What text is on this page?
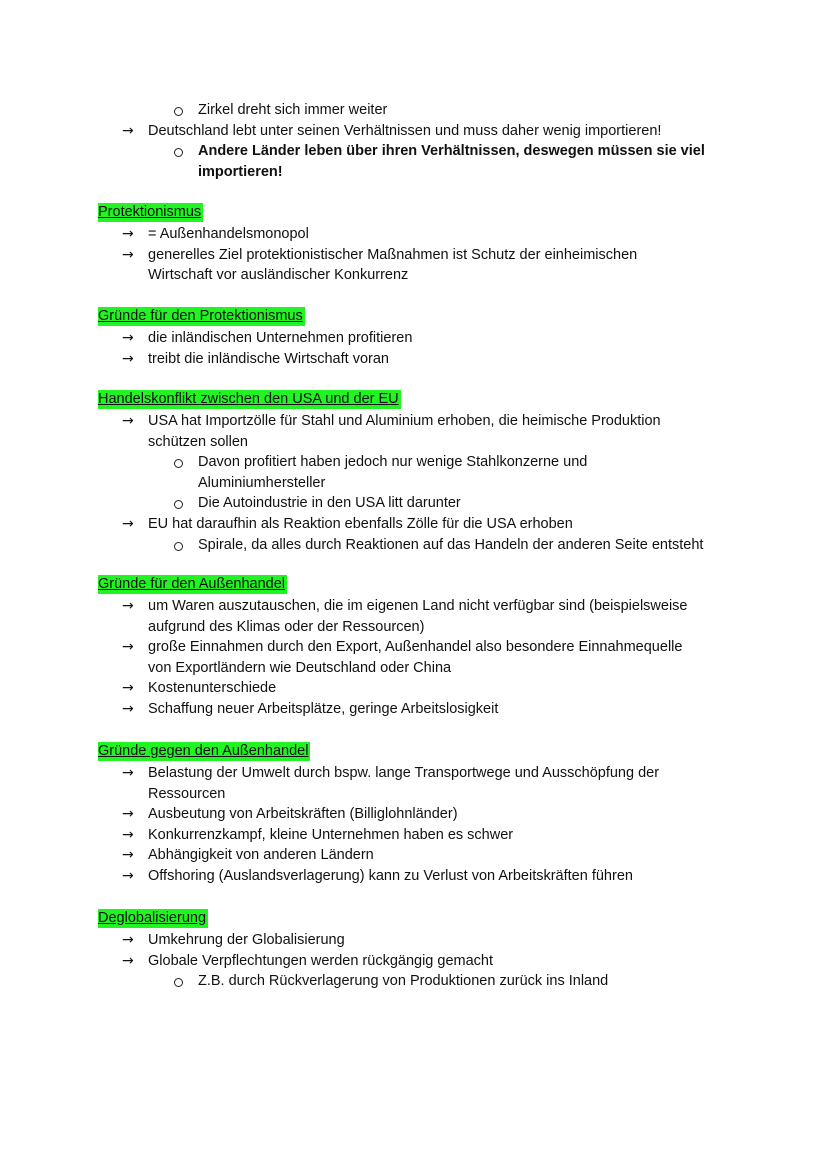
Zirkel dreht sich immer weiter
→ Deutschland lebt unter seinen Verhältnissen und muss daher wenig importieren!
Andere Länder leben über ihren Verhältnissen, deswegen müssen sie viel
importieren!
Protektionismus
→ = Außenhandelsmonopol
→ generelles Ziel protektionistischer Maßnahmen ist Schutz der einheimischen
Wirtschaft vor ausländischer Konkurrenz
Gründe für den Protektionismus
→ die inländischen Unternehmen profitieren
→ treibt die inländische Wirtschaft voran
Handelskonflikt zwischen den USA und der EU
→ USA hat Importzölle für Stahl und Aluminium erhoben, die heimische Produktion
schützen sollen
Davon profitiert haben jedoch nur wenige Stahlkonzerne und
Aluminiumhersteller
Die Autoindustrie in den USA litt darunter
→ EU hat daraufhin als Reaktion ebenfalls Zölle für die USA erhoben
Spirale, da alles durch Reaktionen auf das Handeln der anderen Seite entsteht
Gründe für den Außenhandel
→ um Waren auszutauschen, die im eigenen Land nicht verfügbar sind (beispielsweise
aufgrund des Klimas oder der Ressourcen)
→ große Einnahmen durch den Export, Außenhandel also besondere Einnahmequelle
von Exportländern wie Deutschland oder China
→ Kostenunterschiede
→ Schaffung neuer Arbeitsplätze, geringe Arbeitslosigkeit
Gründe gegen den Außenhandel
→ Belastung der Umwelt durch bspw. lange Transportwege und Ausschöpfung der
Ressourcen
→ Ausbeutung von Arbeitskräften (Billiglohnländer)
→ Konkurrenzkampf, kleine Unternehmen haben es schwer
→ Abhängigkeit von anderen Ländern
→ Offshoring (Auslandsverlagerung) kann zu Verlust von Arbeitskräften führen
Deglobalisierung
→ Umkehrung der Globalisierung
→ Globale Verpflechtungen werden rückgängig gemacht
Z.B. durch Rückverlagerung von Produktionen zurück ins Inland
